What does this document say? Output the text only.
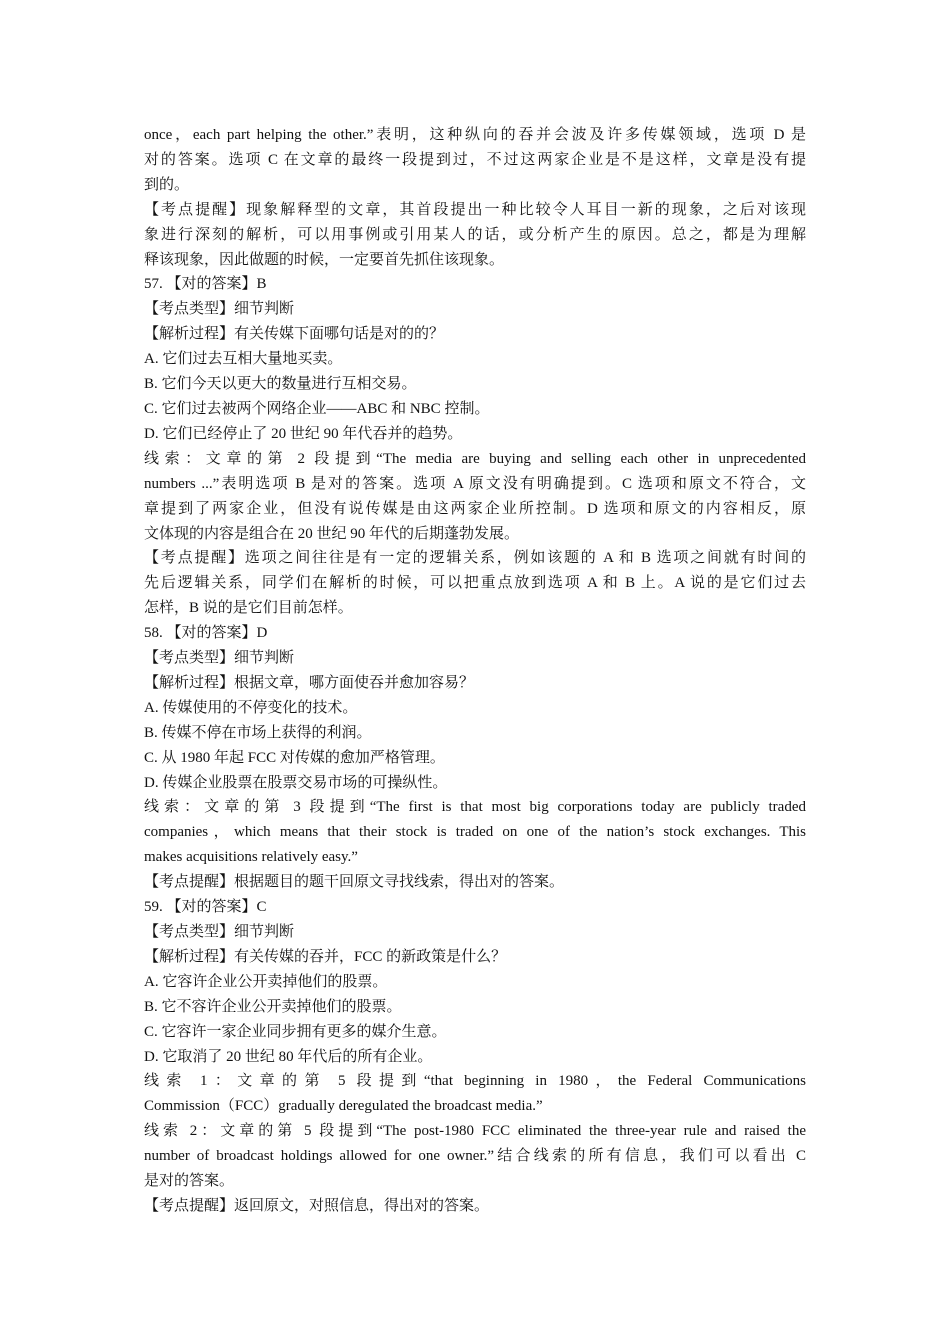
once，each part helping the other.”表明，这种纵向的吞并会波及许多传媒领域，选项 D 是
对的答案。选项 C 在文章的最终一段提到过，不过这两家企业是不是这样，文章是没有提
到的。
【考点提醒】现象解释型的文章，其首段提出一种比较令人耳目一新的现象，之后对该现
象进行深刻的解析，可以用事例或引用某人的话，或分析产生的原因。总之，都是为理解
释该现象，因此做题的时候，一定要首先抓住该现象。
57. 【对的答案】B
【考点类型】细节判断
【解析过程】有关传媒下面哪句话是对的的？
A. 它们过去互相大量地买卖。
B. 它们今天以更大的数量进行互相交易。
C. 它们过去被两个网络企业——ABC 和 NBC 控制。
D. 它们已经停止了 20 世纪 90 年代吞并的趋势。
线索：文章的第 2 段提到“The media are buying and selling each other in unprecedented
numbers ...”表明选项 B 是对的答案。选项 A 原文没有明确提到。C 选项和原文不符合，文
章提到了两家企业，但没有说传媒是由这两家企业所控制。D 选项和原文的内容相反，原
文体现的内容是组合在 20 世纪 90 年代的后期蓬勃发展。
【考点提醒】选项之间往往是有一定的逻辑关系，例如该题的 A 和 B 选项之间就有时间的
先后逻辑关系，同学们在解析的时候，可以把重点放到选项 A 和 B 上。A 说的是它们过去
怎样，B 说的是它们目前怎样。
58. 【对的答案】D
【考点类型】细节判断
【解析过程】根据文章，哪方面使吞并愈加容易？
A. 传媒使用的不停变化的技术。
B. 传媒不停在市场上获得的利润。
C. 从 1980 年起 FCC 对传媒的愈加严格管理。
D. 传媒企业股票在股票交易市场的可操纵性。
线索：文章的第 3 段提到“The first is that most big corporations today are publicly traded
companies，which means that their stock is traded on one of the nation’s stock exchanges. This
makes acquisitions relatively easy.”
【考点提醒】根据题目的题干回原文寻找线索，得出对的答案。
59. 【对的答案】C
【考点类型】细节判断
【解析过程】有关传媒的吞并，FCC 的新政策是什么？
A. 它容许企业公开卖掉他们的股票。
B. 它不容许企业公开卖掉他们的股票。
C. 它容许一家企业同步拥有更多的媒介生意。
D. 它取消了 20 世纪 80 年代后的所有企业。
线索 1：文章的第 5 段提到“that beginning in 1980，the Federal Communications
Commission（FCC）gradually deregulated the broadcast media.”
线索 2：文章的第 5 段提到“The post-1980 FCC eliminated the three-year rule and raised the
number of broadcast holdings allowed for one owner.”结合线索的所有信息，我们可以看出 C
是对的答案。
【考点提醒】返回原文，对照信息，得出对的答案。
